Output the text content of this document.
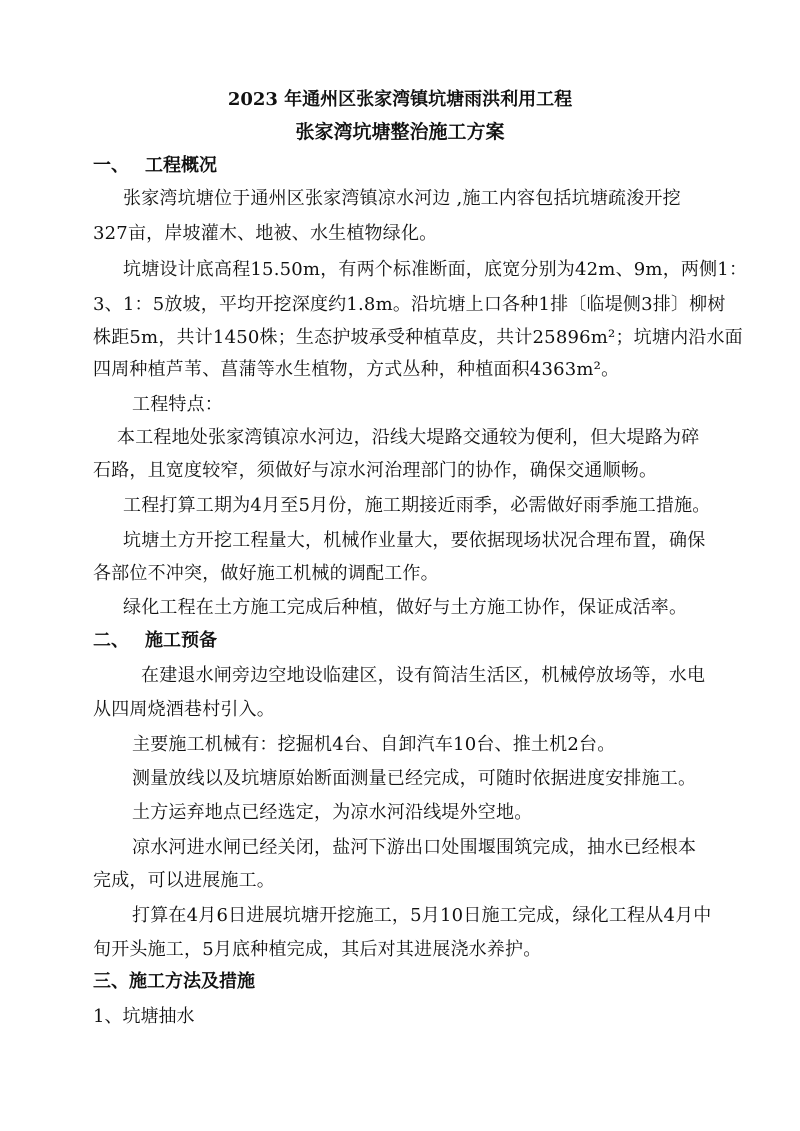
2023 年通州区张家湾镇坑塘雨洪利用工程
张家湾坑塘整治施工方案
一、 工程概况
张家湾坑塘位于通州区张家湾镇凉水河边 ,施工内容包括坑塘疏浚开挖
327亩，岸坡灌木、地被、水生植物绿化。
坑塘设计底高程15.50m，有两个标准断面，底宽分别为42m、9m，两侧1：
3、1：5放坡，平均开挖深度约1.8m。沿坑塘上口各种1排〔临堤侧3排〕柳树
株距5m，共计1450株；生态护坡承受种植草皮，共计25896m²；坑塘内沿水面
四周种植芦苇、菖蒲等水生植物，方式丛种，种植面积4363m²。
工程特点：
本工程地处张家湾镇凉水河边，沿线大堤路交通较为便利，但大堤路为碎
石路，且宽度较窄，须做好与凉水河治理部门的协作，确保交通顺畅。
工程打算工期为4月至5月份，施工期接近雨季，必需做好雨季施工措施。
坑塘土方开挖工程量大，机械作业量大，要依据现场状况合理布置，确保
各部位不冲突，做好施工机械的调配工作。
绿化工程在土方施工完成后种植，做好与土方施工协作，保证成活率。
二、 施工预备
在建退水闸旁边空地设临建区，设有简洁生活区，机械停放场等，水电
从四周烧酒巷村引入。
主要施工机械有：挖掘机4台、自卸汽车10台、推土机2台。
测量放线以及坑塘原始断面测量已经完成，可随时依据进度安排施工。
土方运弃地点已经选定，为凉水河沿线堤外空地。
凉水河进水闸已经关闭，盐河下游出口处围堰围筑完成，抽水已经根本
完成，可以进展施工。
打算在4月6日进展坑塘开挖施工，5月10日施工完成，绿化工程从4月中
旬开头施工，5月底种植完成，其后对其进展浇水养护。
三、施工方法及措施
1、坑塘抽水
